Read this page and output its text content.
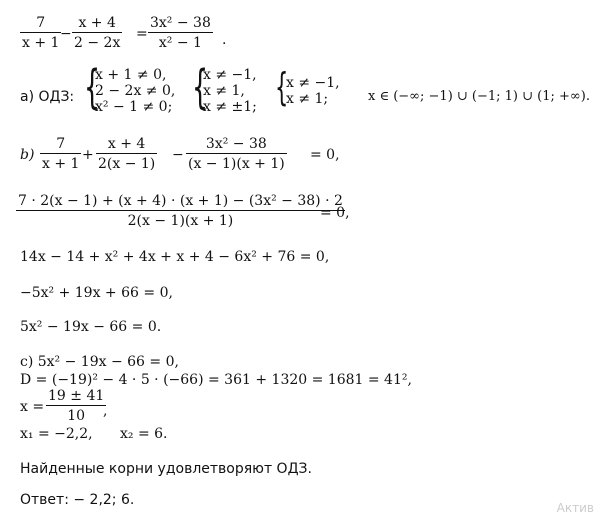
7
x + 1
−
x + 4
2 − 2x
=
3x² − 38
x² − 1 .
а) ОДЗ: {
x + 1 ≠ 0,
2 − 2x ≠ 0,
x² − 1 ≠ 0; {
x ≠ −1,
x ≠ 1,
x ≠ ±1; {
x ≠ −1,
x ≠ 1;	x ∈ (−∞; −1) ∪ (−1; 1) ∪ (1; +∞).
b)
7
x + 1
+
x + 4
2(x − 1)
−
3x² − 38
(x − 1)(x + 1)
= 0,
7 · 2(x − 1) + (x + 4) · (x + 1) − (3x² − 38) · 2
2(x − 1)(x + 1)	= 0,
14x − 14 + x² + 4x + x + 4 − 6x² + 76 = 0,
−5x² + 19x + 66 = 0,
5x² − 19x − 66 = 0.
c) 5x² − 19x − 66 = 0,
D = (−19)² − 4 · 5 · (−66) = 361 + 1320 = 1681 = 41²,
x =
19 ± 41
10 ,
x₁ = −2,2, x₂ = 6.
Найденные корни удовлетворяют ОДЗ.
Ответ: − 2,2; 6.	Актив
